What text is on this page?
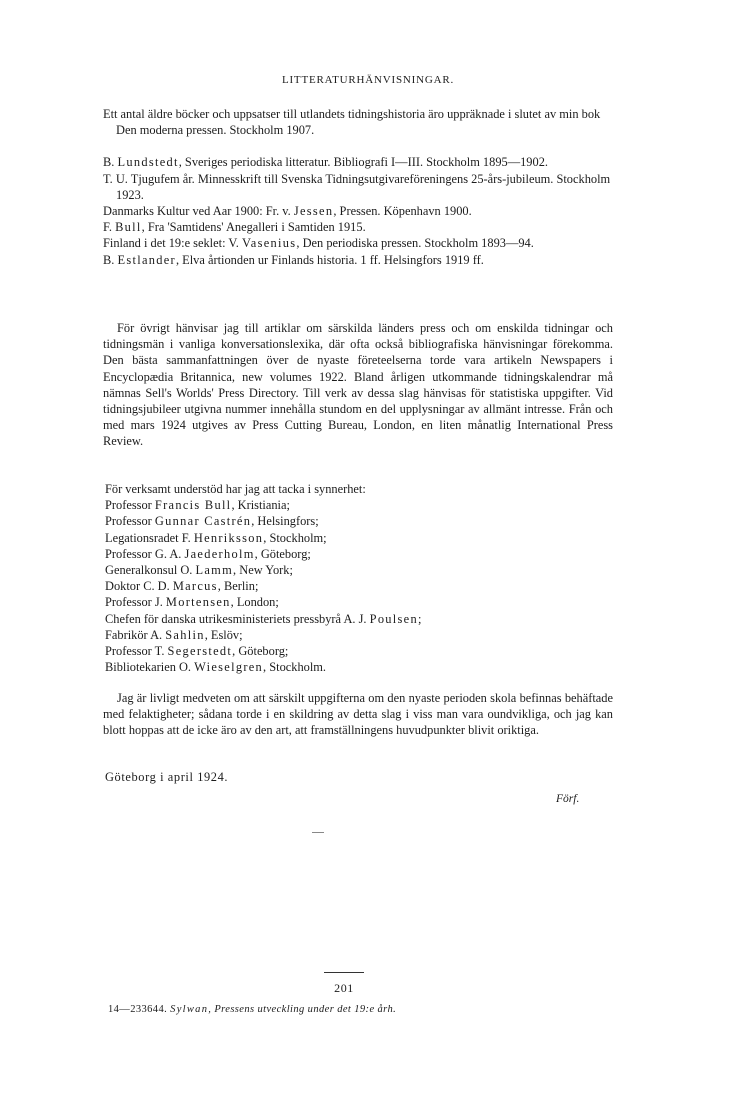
LITTERATURHÄNVISNINGAR.

Ett antal äldre böcker och uppsatser till utlandets tidningshistoria äro uppräknade i slutet av min bok Den moderna pressen. Stockholm 1907.

B. Lundstedt, Sveriges periodiska litteratur. Bibliografi I—III. Stockholm 1895—1902.

T. U. Tjugufem år. Minnesskrift till Svenska Tidningsutgivareföreningens 25-års-jubileum. Stockholm 1923.

Danmarks Kultur ved Aar 1900: Fr. v. Jessen, Pressen. Köpenhavn 1900.

F. Bull, Fra 'Samtidens' Anegalleri i Samtiden 1915.

Finland i det 19:e seklet: V. Vasenius, Den periodiska pressen. Stockholm 1893—94.

B. Estlander, Elva årtionden ur Finlands historia. 1 ff. Helsingfors 1919 ff.

För övrigt hänvisar jag till artiklar om särskilda länders press och om enskilda tidningar och tidningsmän i vanliga konversationslexika, där ofta också bibliografiska hänvisningar förekomma. Den bästa sammanfattningen över de nyaste företeelserna torde vara artikeln Newspapers i Encyclopædia Britannica, new volumes 1922. Bland årligen utkommande tidningskalendrar må nämnas Sell's Worlds' Press Directory. Till verk av dessa slag hänvisas för statistiska uppgifter. Vid tidningsjubileer utgivna nummer innehålla stundom en del upplysningar av allmänt intresse. Från och med mars 1924 utgives av Press Cutting Bureau, London, en liten månatlig International Press Review.

För verksamt understöd har jag att tacka i synnerhet:
Professor Francis Bull, Kristiania;
Professor Gunnar Castrén, Helsingfors;
Legationsradet F. Henriksson, Stockholm;
Professor G. A. Jaederholm, Göteborg;
Generalkonsul O. Lamm, New York;
Doktor C. D. Marcus, Berlin;
Professor J. Mortensen, London;
Chefen för danska utrikesministeriets pressbyrå A. J. Poulsen;
Fabrikör A. Sahlin, Eslöv;
Professor T. Segerstedt, Göteborg;
Bibliotekarien O. Wieselgren, Stockholm.

Jag är livligt medveten om att särskilt uppgifterna om den nyaste perioden skola befinnas behäftade med felaktigheter; sådana torde i en skildring av detta slag i viss man vara oundvikliga, och jag kan blott hoppas att de icke äro av den art, att framställningens huvudpunkter blivit oriktiga.

Göteborg i april 1924.
Förf.
201
14—233644. Sylwan, Pressens utveckling under det 19:e årh.
